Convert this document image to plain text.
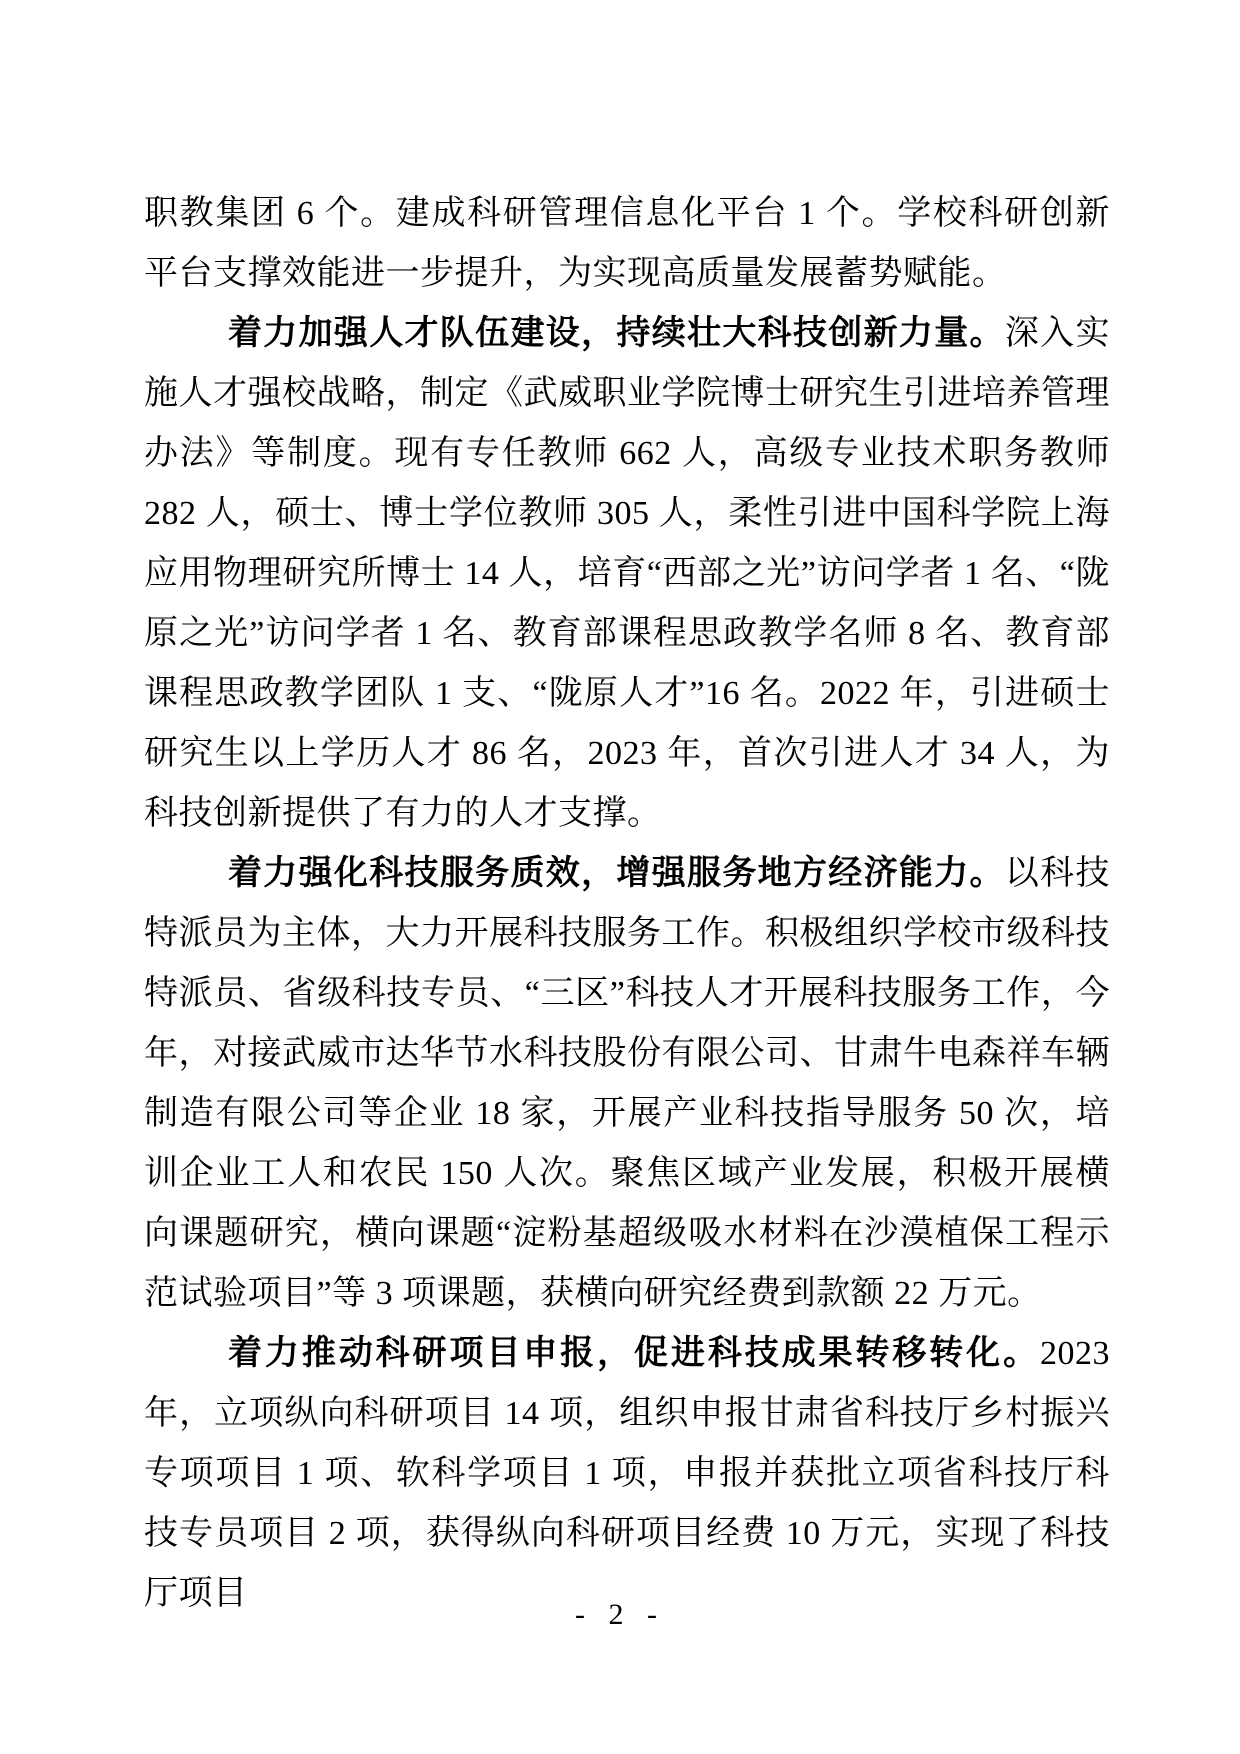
职教集团 6 个。建成科研管理信息化平台 1 个。学校科研创新平台支撑效能进一步提升，为实现高质量发展蓄势赋能。

着力加强人才队伍建设，持续壮大科技创新力量。深入实施人才强校战略，制定《武威职业学院博士研究生引进培养管理办法》等制度。现有专任教师 662 人，高级专业技术职务教师 282 人，硕士、博士学位教师 305 人，柔性引进中国科学院上海应用物理研究所博士 14 人，培育“西部之光”访问学者 1 名、“陇原之光”访问学者 1 名、教育部课程思政教学名师 8 名、教育部课程思政教学团队 1 支、“陇原人才”16 名。2022 年，引进硕士研究生以上学历人才 86 名，2023 年，首次引进人才 34 人，为科技创新提供了有力的人才支撑。

着力强化科技服务质效，增强服务地方经济能力。以科技特派员为主体，大力开展科技服务工作。积极组织学校市级科技特派员、省级科技专员、“三区”科技人才开展科技服务工作，今年，对接武威市达华节水科技股份有限公司、甘肃牛电森祥车辆制造有限公司等企业 18 家，开展产业科技指导服务 50 次，培训企业工人和农民 150 人次。聚焦区域产业发展，积极开展横向课题研究，横向课题“淀粉基超级吸水材料在沙漠植保工程示范试验项目”等 3 项课题，获横向研究经费到款额 22 万元。

着力推动科研项目申报，促进科技成果转移转化。2023 年，立项纵向科研项目 14 项，组织申报甘肃省科技厅乡村振兴专项项目 1 项、软科学项目 1 项，申报并获批立项省科技厅科技专员项目 2 项，获得纵向科研项目经费 10 万元，实现了科技厅项目

- 2 -
